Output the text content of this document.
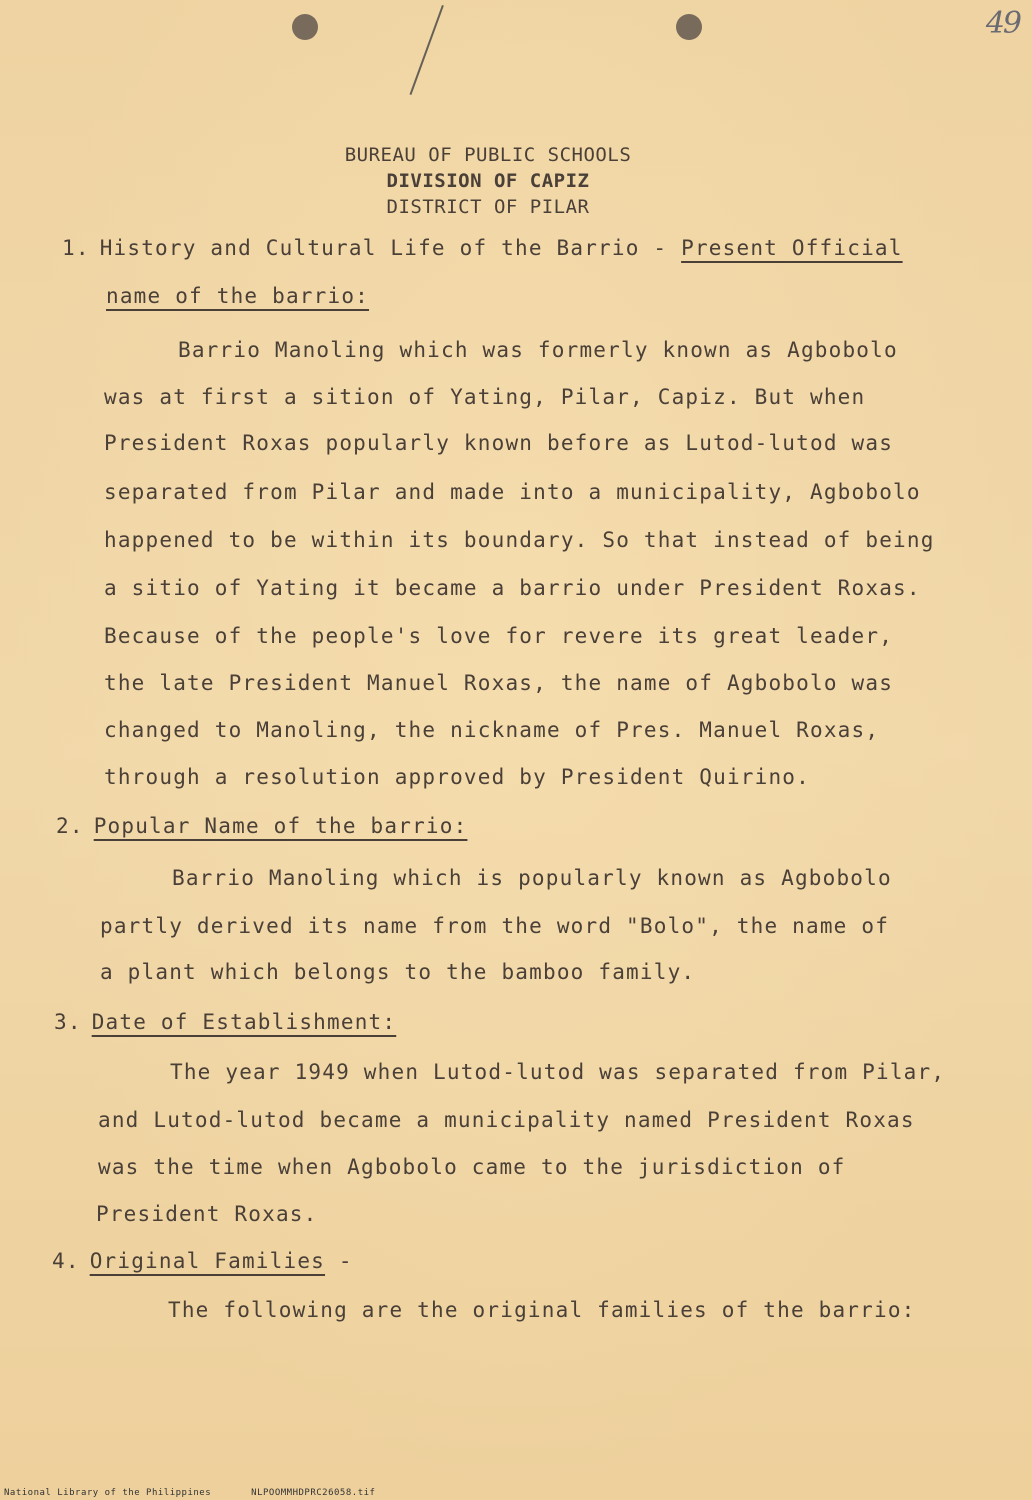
49
BUREAU OF PUBLIC SCHOOLS
DIVISION OF CAPIZ
DISTRICT OF PILAR
1. History and Cultural Life of the Barrio - Present Official
name of the barrio:
Barrio Manoling which was formerly known as Agbobolo
was at first a sition of Yating, Pilar, Capiz. But when
President Roxas popularly known before as Lutod-lutod was
separated from Pilar and made into a municipality, Agbobolo
happened to be within its boundary. So that instead of being
a sitio of Yating it became a barrio under President Roxas.
Because of the people's love for revere its great leader,
the late President Manuel Roxas, the name of Agbobolo was
changed to Manoling, the nickname of Pres. Manuel Roxas,
through a resolution approved by President Quirino.
2. Popular Name of the barrio:
Barrio Manoling which is popularly known as Agbobolo
partly derived its name from the word "Bolo", the name of
a plant which belongs to the bamboo family.
3. Date of Establishment:
The year 1949 when Lutod-lutod was separated from Pilar,
and Lutod-lutod became a municipality named President Roxas
was the time when Agbobolo came to the jurisdiction of
President Roxas.
4. Original Families -
The following are the original families of the barrio:
National Library of the Philippines	NLPOOMMHDPRC26058.tif
